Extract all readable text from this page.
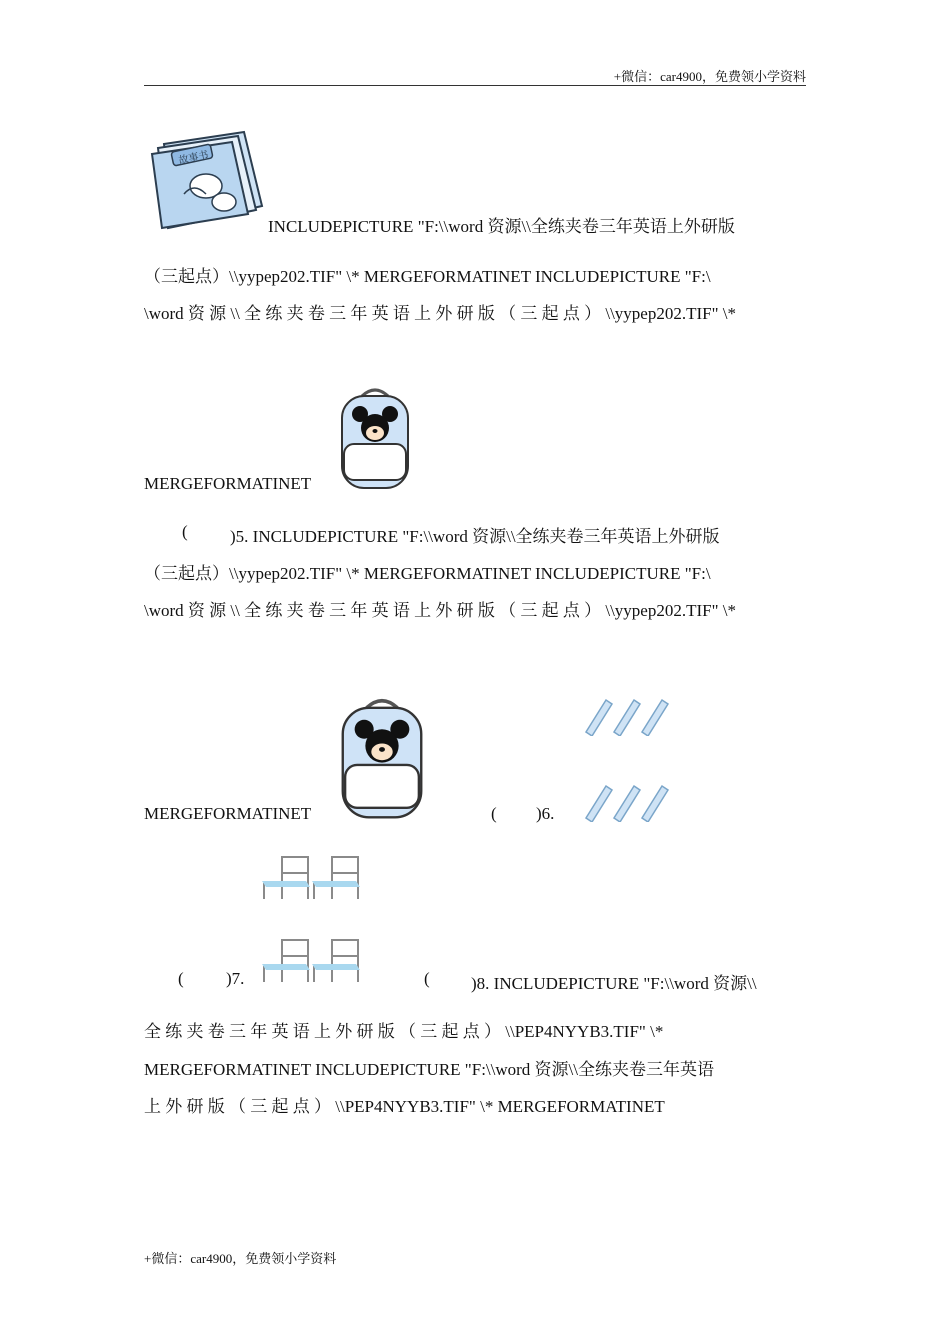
+微信：car4900，免费领小学资料
故事书
INCLUDEPICTURE "F:\\word 资源\\全练夹卷三年英语上外研版
（三起点）\\yypep202.TIF" \* MERGEFORMATINET INCLUDEPICTURE "F:\
\word 资 源 \\ 全 练 夹 卷 三 年 英 语 上 外 研 版 （ 三 起 点 ） \\yypep202.TIF" \*
MERGEFORMATINET
( )5. INCLUDEPICTURE "F:\\word 资源\\全练夹卷三年英语上外研版
（三起点）\\yypep202.TIF" \* MERGEFORMATINET INCLUDEPICTURE "F:\
\word 资 源 \\ 全 练 夹 卷 三 年 英 语 上 外 研 版 （ 三 起 点 ） \\yypep202.TIF" \*
MERGEFORMATINET	( )6.
( )7.	( )8. INCLUDEPICTURE "F:\\word 资源\\
全 练 夹 卷 三 年 英 语 上 外 研 版 （ 三 起 点 ） \\PEP4NYYB3.TIF" \*
MERGEFORMATINET INCLUDEPICTURE "F:\\word 资源\\全练夹卷三年英语
上 外 研 版 （ 三 起 点 ） \\PEP4NYYB3.TIF" \* MERGEFORMATINET
+微信：car4900，免费领小学资料
